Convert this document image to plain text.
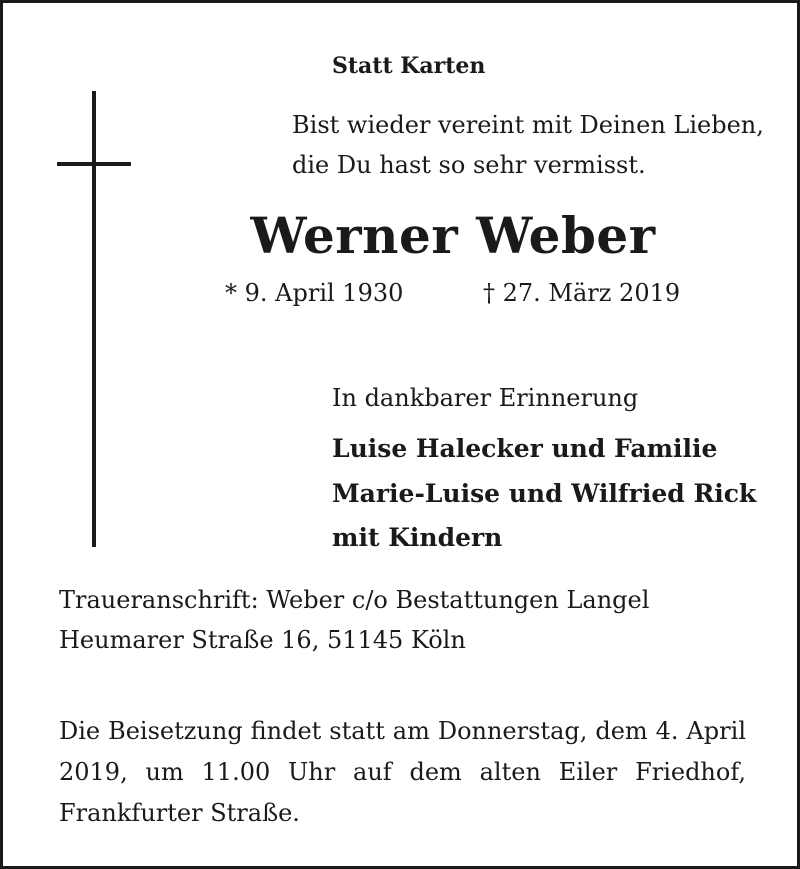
Statt Karten

Bist wieder vereint mit Deinen Lieben,

die Du hast so sehr vermisst.

Werner Weber

* 9. April 1930	† 27. März 2019

In dankbarer Erinnerung

Luise Halecker und Familie

Marie-Luise und Wilfried Rick

mit Kindern

Traueranschrift: Weber c/o Bestattungen Langel

Heumarer Straße 16, 51145 Köln

Die Beisetzung findet statt am Donnerstag, dem 4. April 2019, um 11.00 Uhr auf dem alten Eiler Friedhof, Frankfurter Straße.
